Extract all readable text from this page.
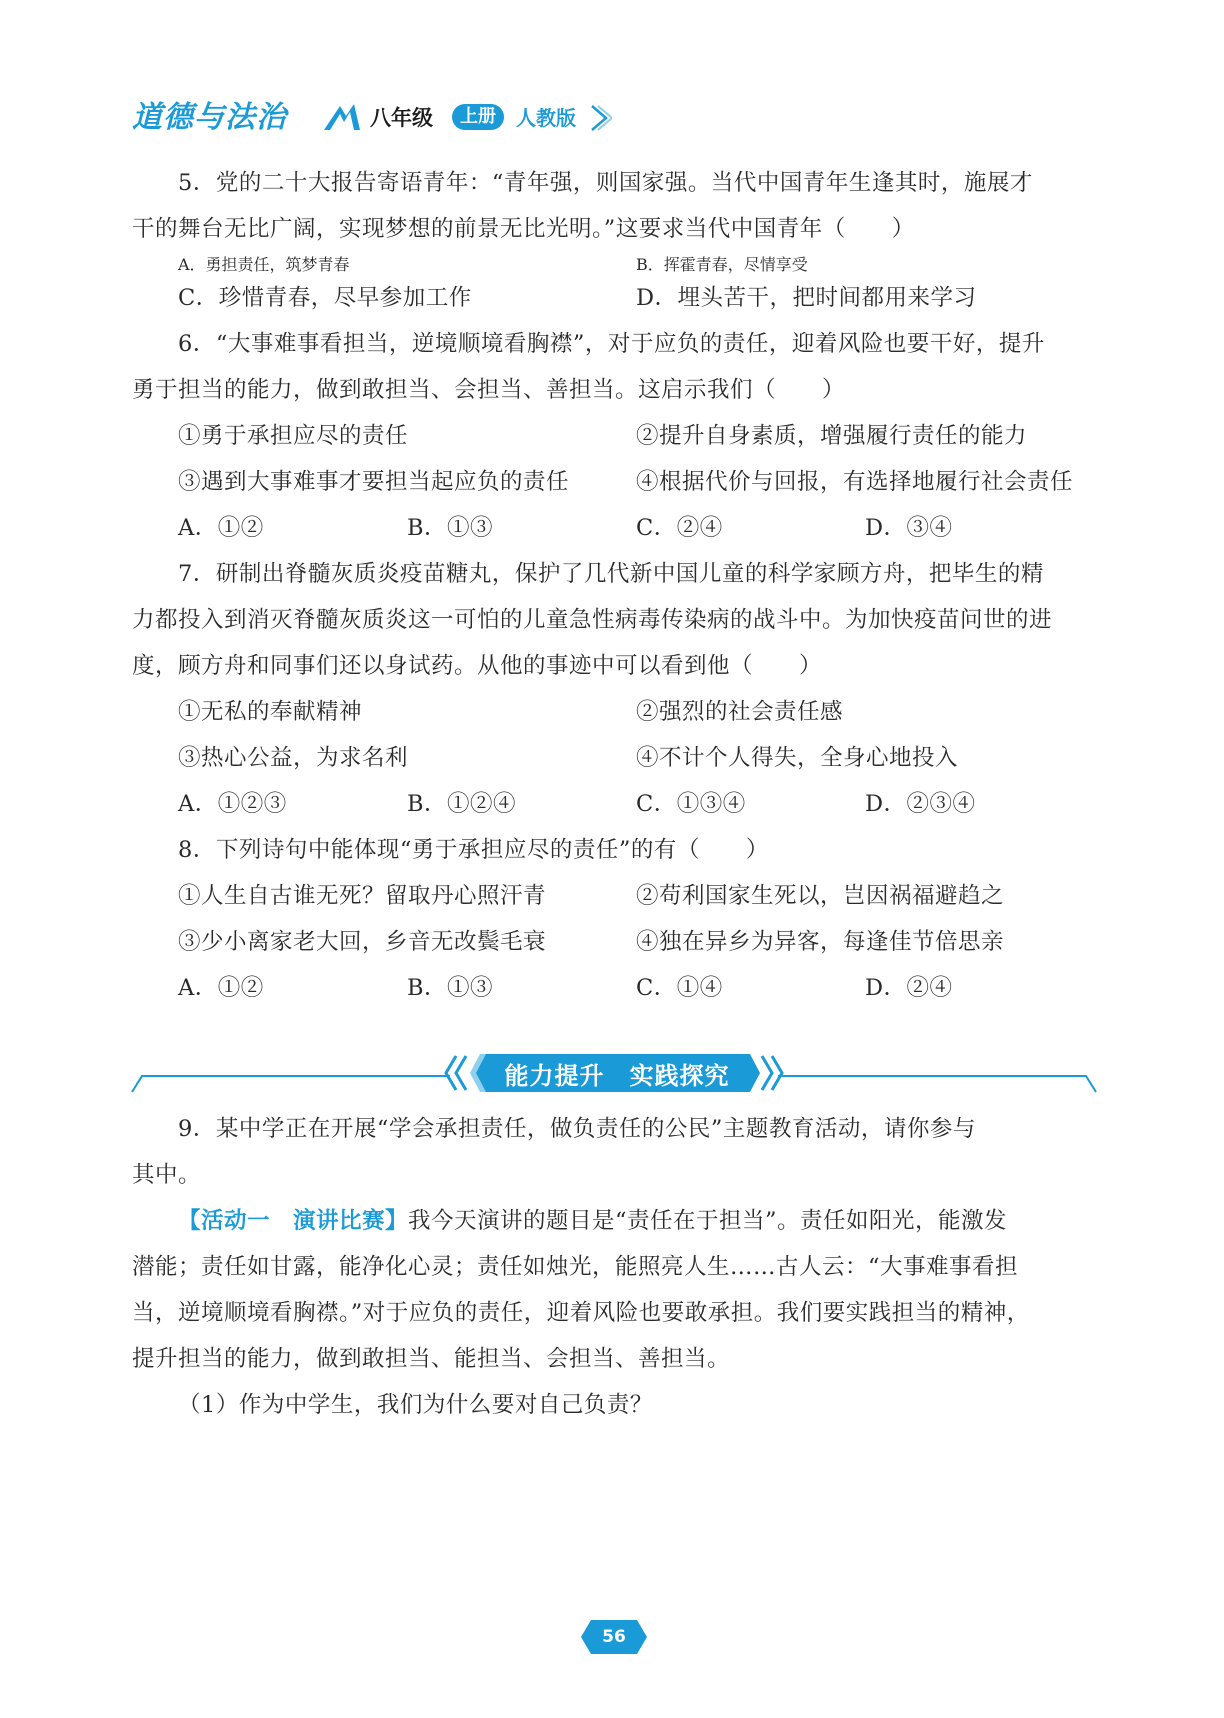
道德与法治	八年级	上册	人教版
5．党的二十大报告寄语青年：“青年强，则国家强。当代中国青年生逢其时，施展才
干的舞台无比广阔，实现梦想的前景无比光明。”这要求当代中国青年（　　）
A．勇担责任，筑梦青春	B．挥霍青春，尽情享受
C．珍惜青春，尽早参加工作	D．埋头苦干，把时间都用来学习
6．“大事难事看担当，逆境顺境看胸襟”，对于应负的责任，迎着风险也要干好，提升
勇于担当的能力，做到敢担当、会担当、善担当。这启示我们（　　）
①勇于承担应尽的责任	②提升自身素质，增强履行责任的能力
③遇到大事难事才要担当起应负的责任	④根据代价与回报，有选择地履行社会责任
A．①②	B．①③	C．②④	D．③④
7．研制出脊髓灰质炎疫苗糖丸，保护了几代新中国儿童的科学家顾方舟，把毕生的精
力都投入到消灭脊髓灰质炎这一可怕的儿童急性病毒传染病的战斗中。为加快疫苗问世的进
度，顾方舟和同事们还以身试药。从他的事迹中可以看到他（　　）
①无私的奉献精神	②强烈的社会责任感
③热心公益，为求名利	④不计个人得失，全身心地投入
A．①②③	B．①②④	C．①③④	D．②③④
8．下列诗句中能体现“勇于承担应尽的责任”的有（　　）
①人生自古谁无死？留取丹心照汗青	②苟利国家生死以，岂因祸福避趋之
③少小离家老大回，乡音无改鬓毛衰	④独在异乡为异客，每逢佳节倍思亲
A．①②	B．①③	C．①④	D．②④
能力提升　实践探究
9．某中学正在开展“学会承担责任，做负责任的公民”主题教育活动，请你参与
其中。
【活动一　演讲比赛】我今天演讲的题目是“责任在于担当”。责任如阳光，能激发
潜能；责任如甘露，能净化心灵；责任如烛光，能照亮人生……古人云：“大事难事看担
当，逆境顺境看胸襟。”对于应负的责任，迎着风险也要敢承担。我们要实践担当的精神，
提升担当的能力，做到敢担当、能担当、会担当、善担当。
（1）作为中学生，我们为什么要对自己负责？
56
